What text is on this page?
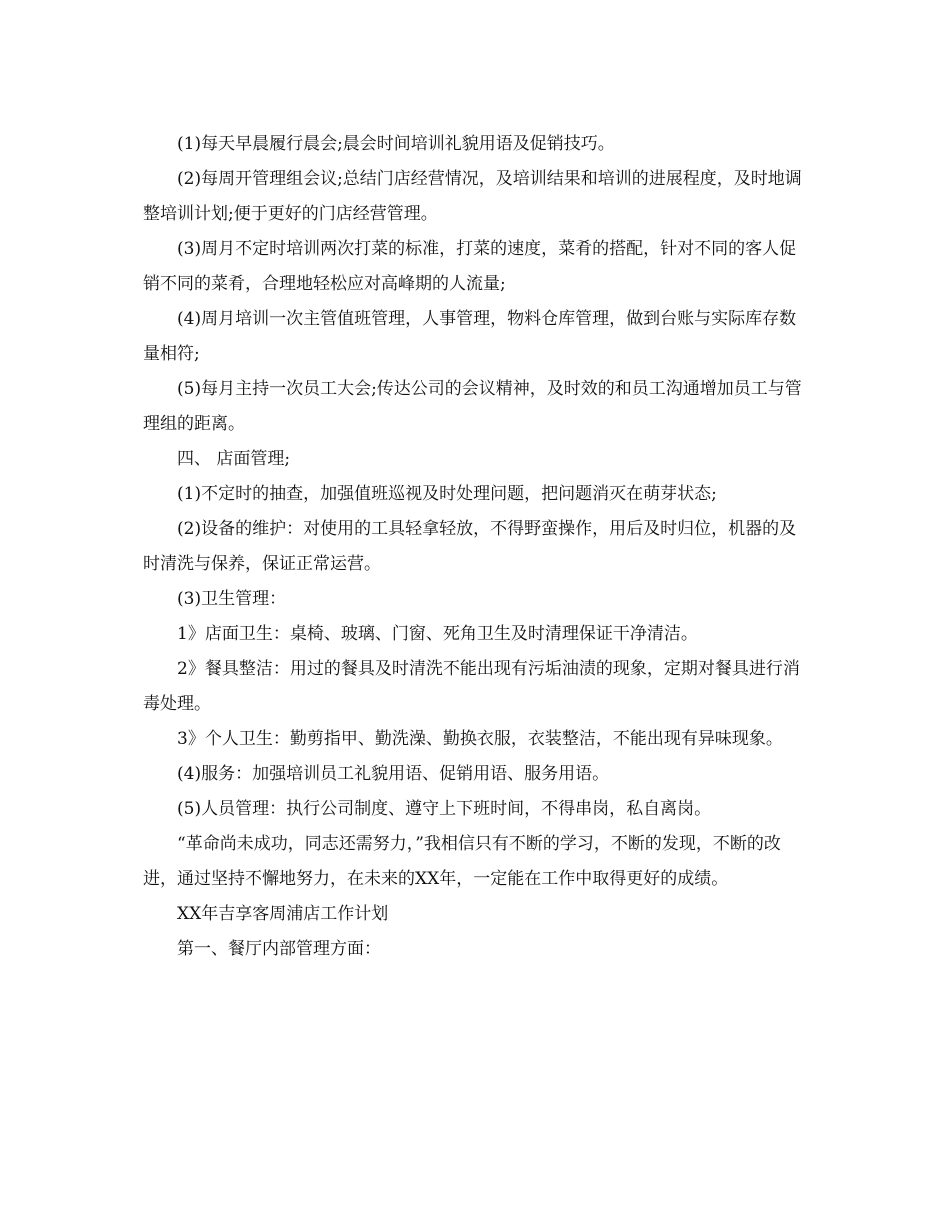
(1)每天早晨履行晨会;晨会时间培训礼貌用语及促销技巧。

(2)每周开管理组会议;总结门店经营情况，及培训结果和培训的进展程度，及时地调整培训计划;便于更好的门店经营管理。

(3)周月不定时培训两次打菜的标准，打菜的速度，菜肴的搭配，针对不同的客人促销不同的菜肴，合理地轻松应对高峰期的人流量;

(4)周月培训一次主管值班管理，人事管理，物料仓库管理，做到台账与实际库存数量相符;

(5)每月主持一次员工大会;传达公司的会议精神，及时效的和员工沟通增加员工与管理组的距离。

四、 店面管理;

(1)不定时的抽查，加强值班巡视及时处理问题，把问题消灭在萌芽状态;

(2)设备的维护：对使用的工具轻拿轻放，不得野蛮操作，用后及时归位，机器的及时清洗与保养，保证正常运营。

(3)卫生管理：

1》店面卫生：桌椅、玻璃、门窗、死角卫生及时清理保证干净清洁。

2》餐具整洁：用过的餐具及时清洗不能出现有污垢油渍的现象，定期对餐具进行消毒处理。

3》个人卫生：勤剪指甲、勤洗澡、勤换衣服，衣装整洁，不能出现有异味现象。

(4)服务：加强培训员工礼貌用语、促销用语、服务用语。

(5)人员管理：执行公司制度、遵守上下班时间，不得串岗，私自离岗。

“革命尚未成功，同志还需努力，”我相信只有不断的学习，不断的发现，不断的改进，通过坚持不懈地努力，在未来的XX年，一定能在工作中取得更好的成绩。

XX年吉享客周浦店工作计划

第一、餐厅内部管理方面：
